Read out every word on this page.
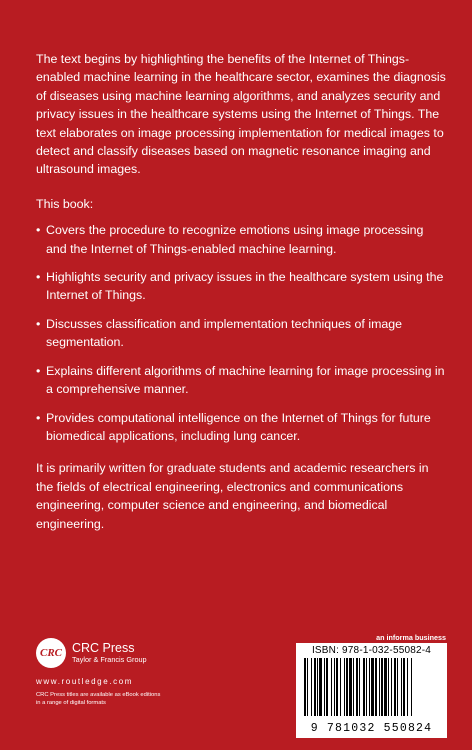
The text begins by highlighting the benefits of the Internet of Things-enabled machine learning in the healthcare sector, examines the diagnosis of diseases using machine learning algorithms, and analyzes security and privacy issues in the healthcare systems using the Internet of Things. The text elaborates on image processing implementation for medical images to detect and classify diseases based on magnetic resonance imaging and ultrasound images.

This book:

• Covers the procedure to recognize emotions using image processing and the Internet of Things-enabled machine learning.
• Highlights security and privacy issues in the healthcare system using the Internet of Things.
• Discusses classification and implementation techniques of image segmentation.
• Explains different algorithms of machine learning for image processing in a comprehensive manner.
• Provides computational intelligence on the Internet of Things for future biomedical applications, including lung cancer.

It is primarily written for graduate students and academic researchers in the fields of electrical engineering, electronics and communications engineering, computer science and engineering, and biomedical engineering.

CRC CRC Press
Taylor & Francis Group
www.routledge.com
CRC Press titles are available as eBook editions
in a range of digital formats
an informa business
ISBN: 978-1-032-55082-4
9 781032 550824
